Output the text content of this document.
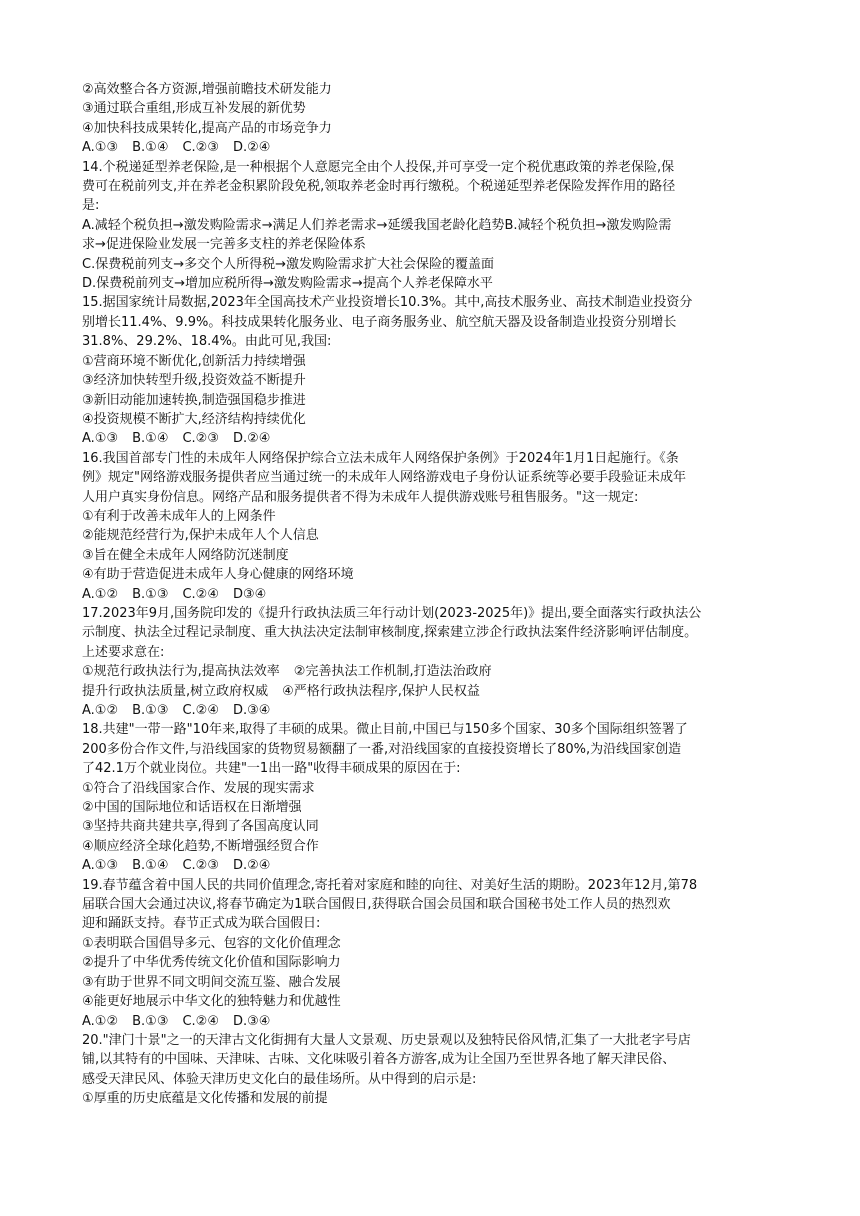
②高效整合各方资源,增强前瞻技术研发能力
③通过联合重组,形成互补发展的新优势
④加快科技成果转化,提高产品的市场竞争力
A.①③ B.①④ C.②③ D.②④
14.个税递延型养老保险,是一种根据个人意愿完全由个人投保,并可享受一定个税优惠政策的养老保险,保
费可在税前列支,并在养老金积累阶段免税,领取养老金时再行缴税。个税递延型养老保险发挥作用的路径
是:
A.减轻个税负担→激发购险需求→满足人们养老需求→延缓我国老龄化趋势B.减轻个税负担→激发购险需
求→促进保险业发展一完善多支柱的养老保险体系
C.保费税前列支→多交个人所得税→激发购险需求扩大社会保险的覆盖面
D.保费税前列支→增加应税所得→激发购险需求→提高个人养老保障水平
15.据国家统计局数据,2023年全国高技术产业投资增长10.3%。其中,高技术服务业、高技术制造业投资分
别增长11.4%、9.9%。科技成果转化服务业、电子商务服务业、航空航天器及设备制造业投资分别增长
31.8%、29.2%、18.4%。由此可见,我国:
①营商环境不断优化,创新活力持续增强
③经济加快转型升级,投资效益不断提升
③新旧动能加速转换,制造强国稳步推进
④投资规模不断扩大,经济结构持续优化
A.①③ B.①④ C.②③ D.②④
16.我国首部专门性的未成年人网络保护综合立法未成年人网络保护条例》于2024年1月1日起施行。《条
例》规定"网络游戏服务提供者应当通过统一的未成年人网络游戏电子身份认证系统等必要手段验证未成年
人用户真实身份信息。网络产品和服务提供者不得为未成年人提供游戏账号租售服务。"这一规定:
①有利于改善未成年人的上网条件
②能规范经营行为,保护未成年人个人信息
③旨在健全未成年人网络防沉迷制度
④有助于营造促进未成年人身心健康的网络环境
A.①② B.①③ C.②④ D③④
17.2023年9月,国务院印发的《提升行政执法质三年行动计划(2023-2025年)》提出,要全面落实行政执法公
示制度、执法全过程记录制度、重大执法决定法制审核制度,探索建立涉企行政执法案件经济影响评估制度。
上述要求意在:
①规范行政执法行为,提高执法效率 ②完善执法工作机制,打造法治政府
提升行政执法质量,树立政府权威 ④严格行政执法程序,保护人民权益
A.①② B.①③ C.②④ D.③④
18.共建"一带一路"10年来,取得了丰硕的成果。微止目前,中国已与150多个国家、30多个国际组织签署了
200多份合作文件,与沿线国家的货物贸易额翻了一番,对沿线国家的直接投资增长了80%,为沿线国家创造
了42.1万个就业岗位。共建"一1出一路"收得丰硕成果的原因在于:
①符合了沿线国家合作、发展的现实需求
②中国的国际地位和话语权在日渐增强
③坚持共商共建共享,得到了各国高度认同
④顺应经济全球化趋势,不断增强经贸合作
A.①③ B.①④ C.②③ D.②④
19.春节蕴含着中国人民的共同价值理念,寄托着对家庭和睦的向往、对美好生活的期盼。2023年12月,第78
届联合国大会通过决议,将春节确定为1联合国假日,获得联合国会员国和联合国秘书处工作人员的热烈欢
迎和踊跃支持。春节正式成为联合国假日:
①表明联合国倡导多元、包容的文化价值理念
②提升了中华优秀传统文化价值和国际影响力
③有助于世界不同文明间交流互鉴、融合发展
④能更好地展示中华文化的独特魅力和优越性
A.①② B.①③ C.②④ D.③④
20."津门十景"之一的天津古文化街拥有大量人文景观、历史景观以及独特民俗风情,汇集了一大批老字号店
铺,以其特有的中国味、天津味、古味、文化味吸引着各方游客,成为让全国乃至世界各地了解天津民俗、
感受天津民风、体验天津历史文化白的最佳场所。从中得到的启示是:
①厚重的历史底蕴是文化传播和发展的前提
